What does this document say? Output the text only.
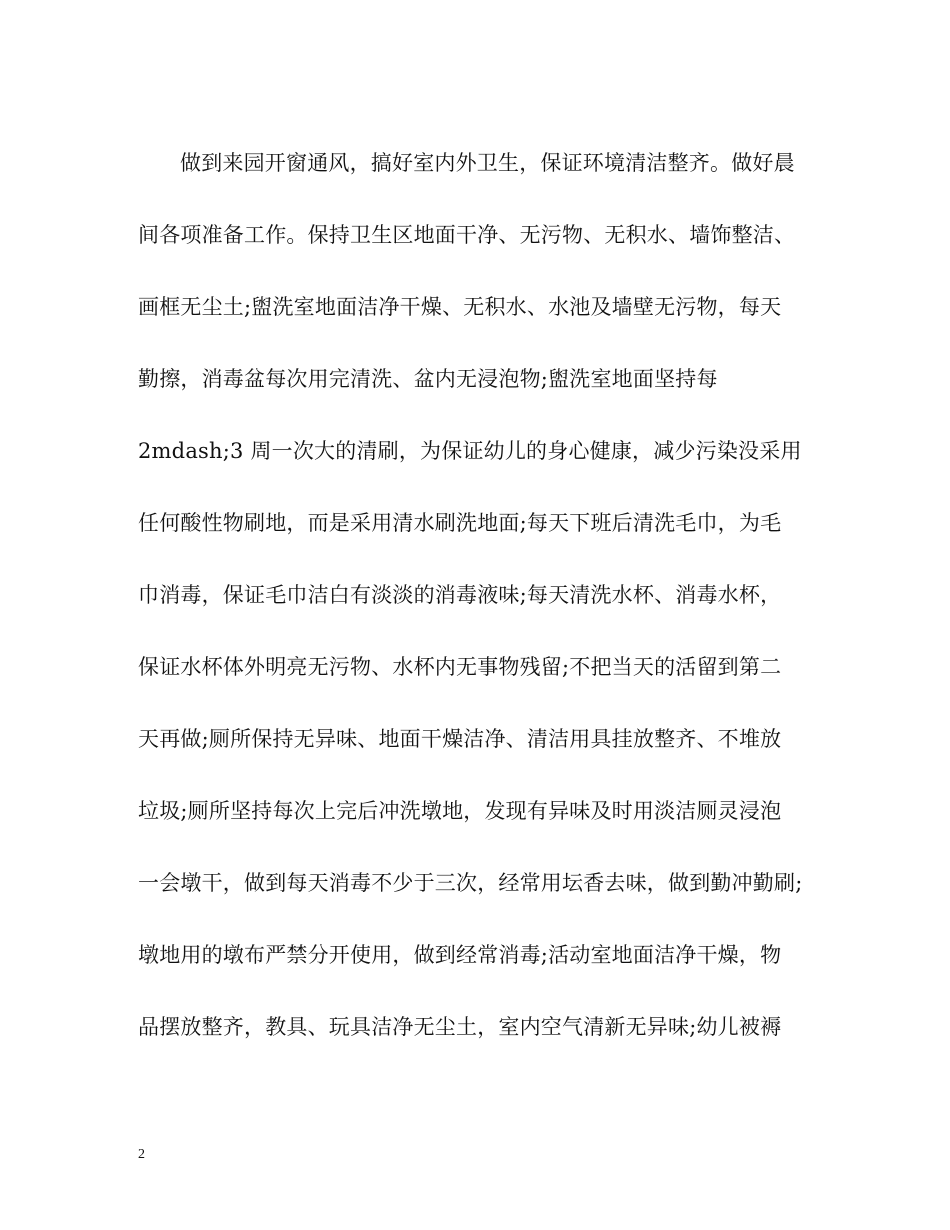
做到来园开窗通风，搞好室内外卫生，保证环境清洁整齐。做好晨
间各项准备工作。保持卫生区地面干净、无污物、无积水、墙饰整洁、
画框无尘土;盥洗室地面洁净干燥、无积水、水池及墙壁无污物，每天
勤擦，消毒盆每次用完清洗、盆内无浸泡物;盥洗室地面坚持每
2mdash;3 周一次大的清刷，为保证幼儿的身心健康，减少污染没采用
任何酸性物刷地，而是采用清水刷洗地面;每天下班后清洗毛巾，为毛
巾消毒，保证毛巾洁白有淡淡的消毒液味;每天清洗水杯、消毒水杯，
保证水杯体外明亮无污物、水杯内无事物残留;不把当天的活留到第二
天再做;厕所保持无异味、地面干燥洁净、清洁用具挂放整齐、不堆放
垃圾;厕所坚持每次上完后冲洗墩地，发现有异味及时用淡洁厕灵浸泡
一会墩干，做到每天消毒不少于三次，经常用坛香去味，做到勤冲勤刷;
墩地用的墩布严禁分开使用，做到经常消毒;活动室地面洁净干燥，物
品摆放整齐，教具、玩具洁净无尘土，室内空气清新无异味;幼儿被褥
2
